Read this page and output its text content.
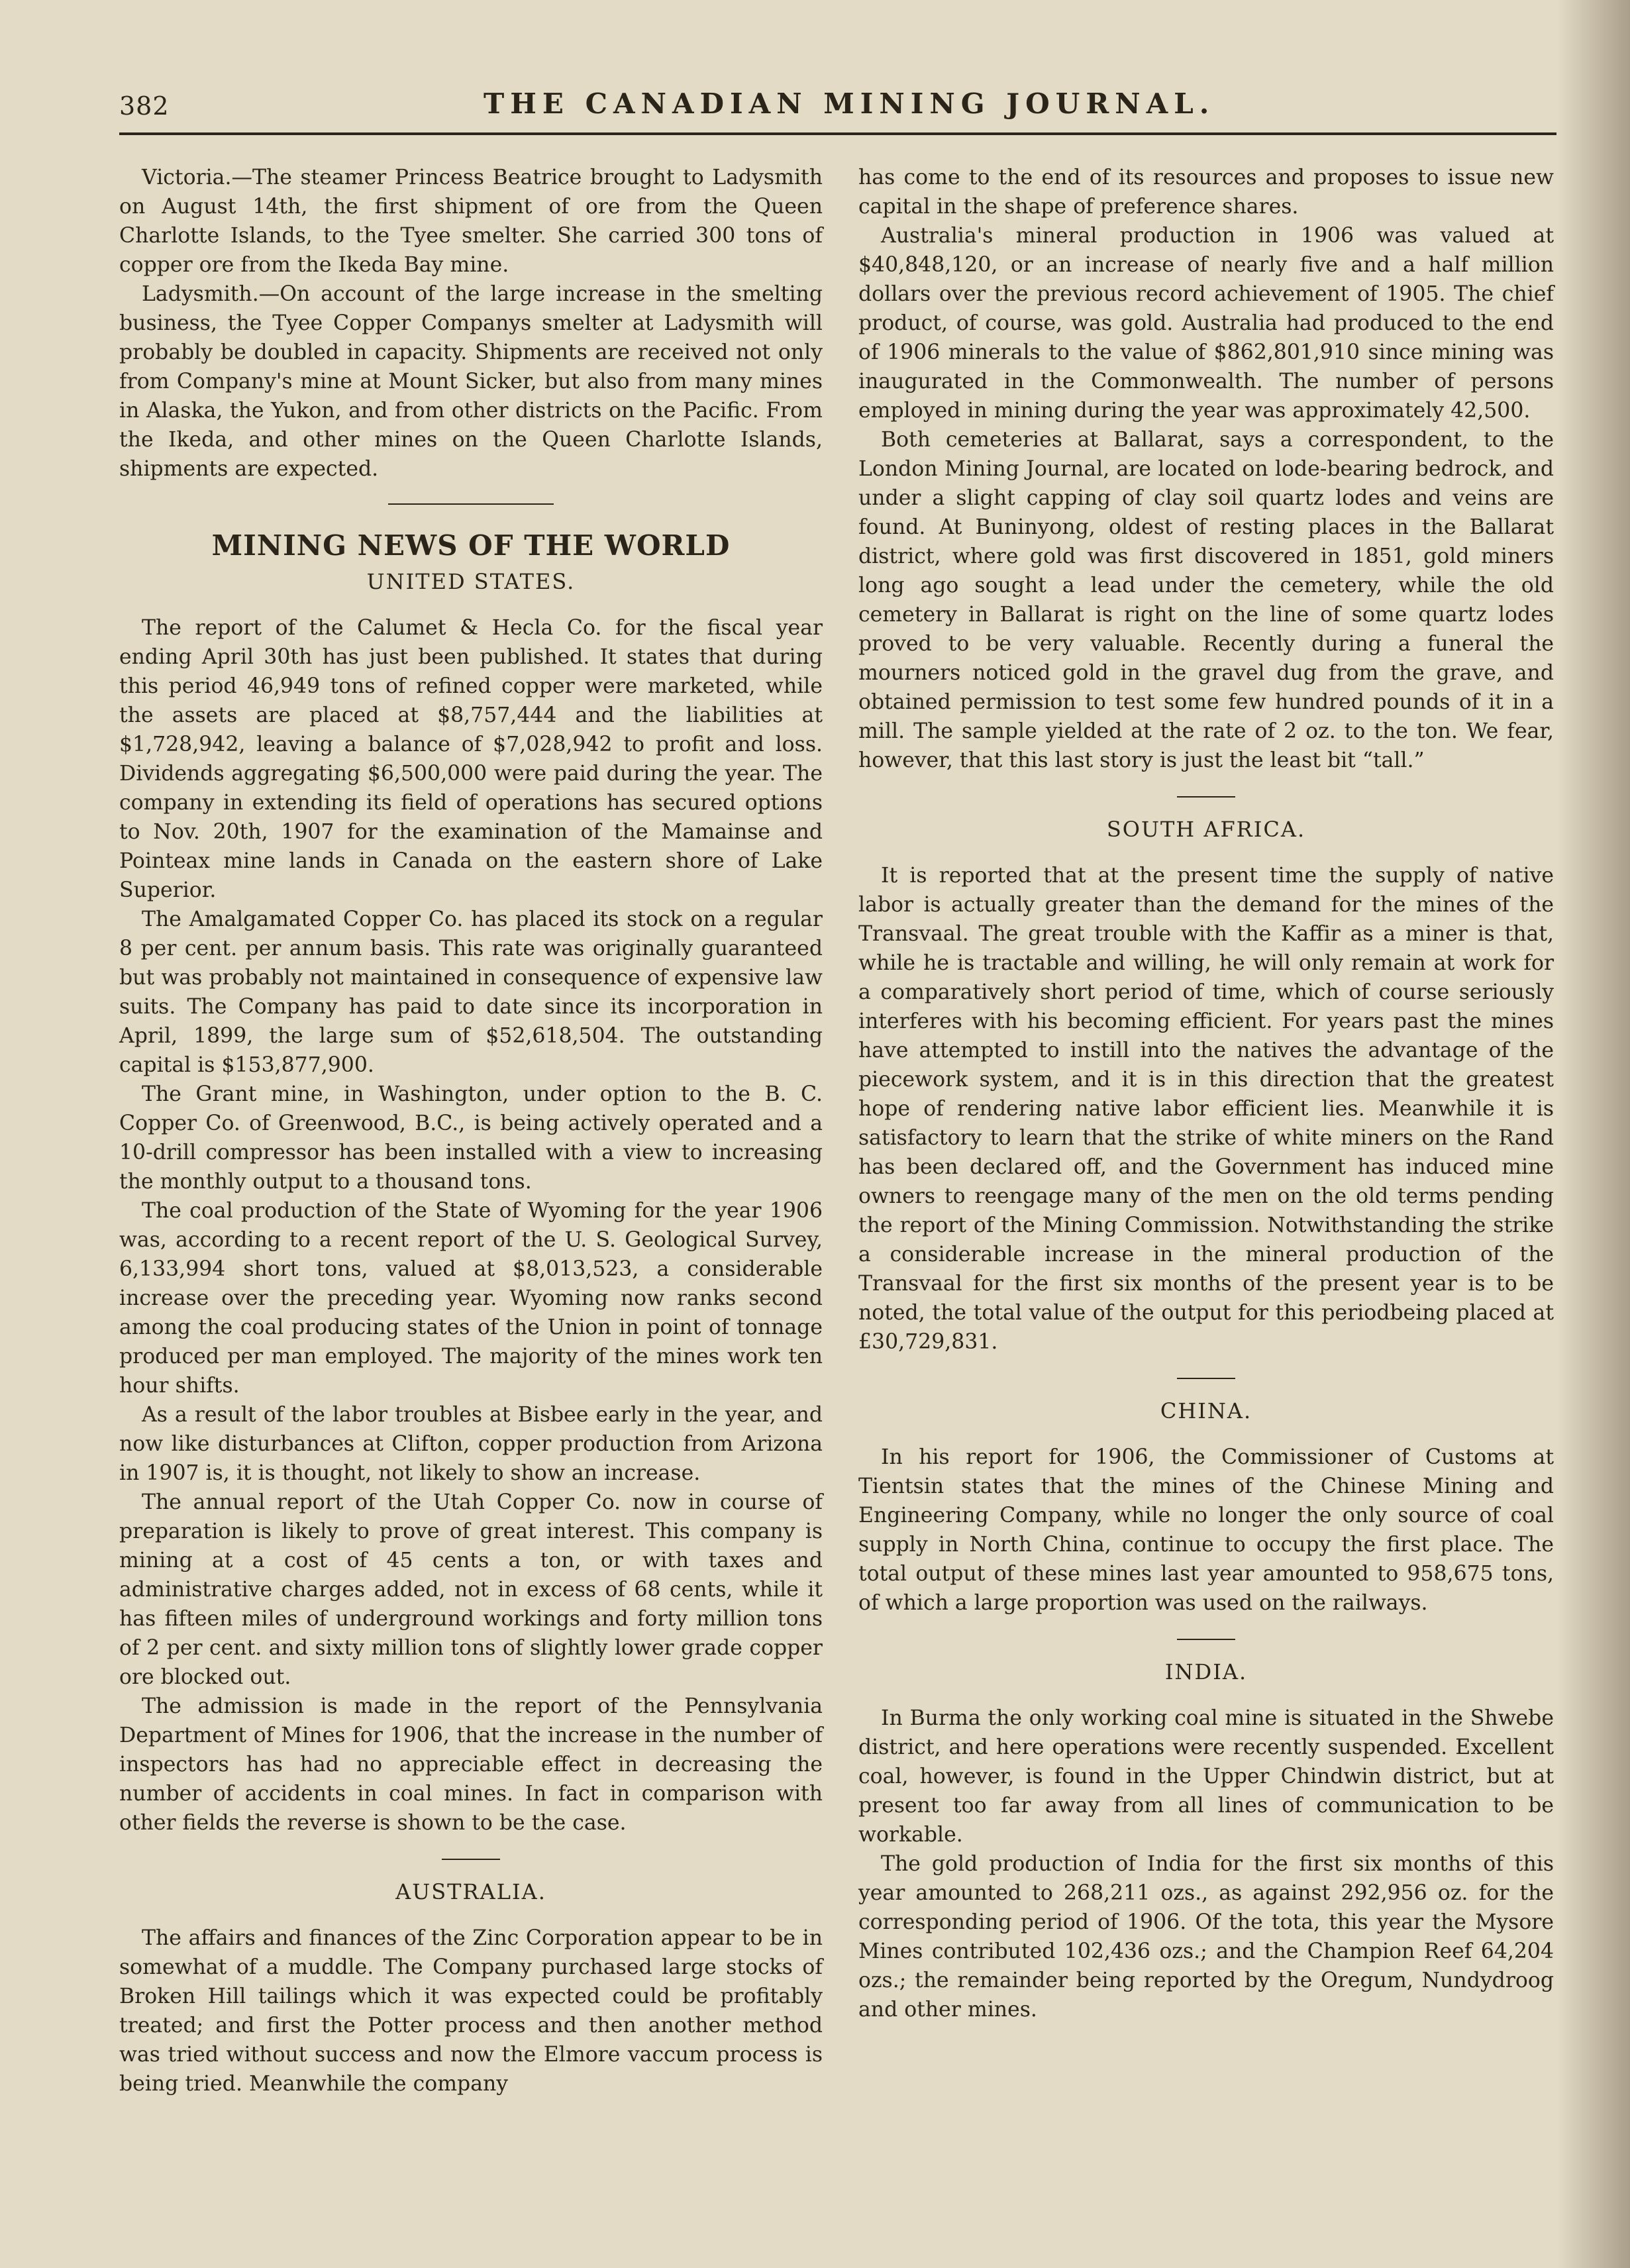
382	THE CANADIAN MINING JOURNAL.

Victoria.—The steamer Princess Beatrice brought to Ladysmith on August 14th, the first shipment of ore from the Queen Charlotte Islands, to the Tyee smelter. She carried 300 tons of copper ore from the Ikeda Bay mine.

Ladysmith.—On account of the large increase in the smelting business, the Tyee Copper Companys smelter at Ladysmith will probably be doubled in capacity. Shipments are received not only from Company's mine at Mount Sicker, but also from many mines in Alaska, the Yukon, and from other districts on the Pacific. From the Ikeda, and other mines on the Queen Charlotte Islands, shipments are expected.

MINING NEWS OF THE WORLD
UNITED STATES.

The report of the Calumet & Hecla Co. for the fiscal year ending April 30th has just been published. It states that during this period 46,949 tons of refined copper were marketed, while the assets are placed at $8,757,444 and the liabilities at $1,728,942, leaving a balance of $7,028,942 to profit and loss. Dividends aggregating $6,500,000 were paid during the year. The company in extending its field of operations has secured options to Nov. 20th, 1907 for the examination of the Mamainse and Pointeax mine lands in Canada on the eastern shore of Lake Superior.

The Amalgamated Copper Co. has placed its stock on a regular 8 per cent. per annum basis. This rate was originally guaranteed but was probably not maintained in consequence of expensive law suits. The Company has paid to date since its incorporation in April, 1899, the large sum of $52,618,504. The outstanding capital is $153,877,900.

The Grant mine, in Washington, under option to the B. C. Copper Co. of Greenwood, B.C., is being actively operated and a 10-drill compressor has been installed with a view to increasing the monthly output to a thousand tons.

The coal production of the State of Wyoming for the year 1906 was, according to a recent report of the U. S. Geological Survey, 6,133,994 short tons, valued at $8,013,523, a considerable increase over the preceding year. Wyoming now ranks second among the coal producing states of the Union in point of tonnage produced per man employed. The majority of the mines work ten hour shifts.

As a result of the labor troubles at Bisbee early in the year, and now like disturbances at Clifton, copper production from Arizona in 1907 is, it is thought, not likely to show an increase.

The annual report of the Utah Copper Co. now in course of preparation is likely to prove of great interest. This company is mining at a cost of 45 cents a ton, or with taxes and administrative charges added, not in excess of 68 cents, while it has fifteen miles of underground workings and forty million tons of 2 per cent. and sixty million tons of slightly lower grade copper ore blocked out.

The admission is made in the report of the Pennsylvania Department of Mines for 1906, that the increase in the number of inspectors has had no appreciable effect in decreasing the number of accidents in coal mines. In fact in comparison with other fields the reverse is shown to be the case.

AUSTRALIA.

The affairs and finances of the Zinc Corporation appear to be in somewhat of a muddle. The Company purchased large stocks of Broken Hill tailings which it was expected could be profitably treated; and first the Potter process and then another method was tried without success and now the Elmore vaccum process is being tried. Meanwhile the company

has come to the end of its resources and proposes to issue new capital in the shape of preference shares.

Australia's mineral production in 1906 was valued at $40,848,120, or an increase of nearly five and a half million dollars over the previous record achievement of 1905. The chief product, of course, was gold. Australia had produced to the end of 1906 minerals to the value of $862,801,910 since mining was inaugurated in the Commonwealth. The number of persons employed in mining during the year was approximately 42,500.

Both cemeteries at Ballarat, says a correspondent, to the London Mining Journal, are located on lode-bearing bedrock, and under a slight capping of clay soil quartz lodes and veins are found. At Buninyong, oldest of resting places in the Ballarat district, where gold was first discovered in 1851, gold miners long ago sought a lead under the cemetery, while the old cemetery in Ballarat is right on the line of some quartz lodes proved to be very valuable. Recently during a funeral the mourners noticed gold in the gravel dug from the grave, and obtained permission to test some few hundred pounds of it in a mill. The sample yielded at the rate of 2 oz. to the ton. We fear, however, that this last story is just the least bit “tall.”

SOUTH AFRICA.

It is reported that at the present time the supply of native labor is actually greater than the demand for the mines of the Transvaal. The great trouble with the Kaffir as a miner is that, while he is tractable and willing, he will only remain at work for a comparatively short period of time, which of course seriously interferes with his becoming efficient. For years past the mines have attempted to instill into the natives the advantage of the piecework system, and it is in this direction that the greatest hope of rendering native labor efficient lies. Meanwhile it is satisfactory to learn that the strike of white miners on the Rand has been declared off, and the Government has induced mine owners to reengage many of the men on the old terms pending the report of the Mining Commission. Notwithstanding the strike a considerable increase in the mineral production of the Transvaal for the first six months of the present year is to be noted, the total value of the output for this periodbeing placed at £30,729,831.

CHINA.

In his report for 1906, the Commissioner of Customs at Tientsin states that the mines of the Chinese Mining and Engineering Company, while no longer the only source of coal supply in North China, continue to occupy the first place. The total output of these mines last year amounted to 958,675 tons, of which a large proportion was used on the railways.

INDIA.

In Burma the only working coal mine is situated in the Shwebe district, and here operations were recently suspended. Excellent coal, however, is found in the Upper Chindwin district, but at present too far away from all lines of communication to be workable.

The gold production of India for the first six months of this year amounted to 268,211 ozs., as against 292,956 oz. for the corresponding period of 1906. Of the tota, this year the Mysore Mines contributed 102,436 ozs.; and the Champion Reef 64,204 ozs.; the remainder being reported by the Oregum, Nundydroog and other mines.
